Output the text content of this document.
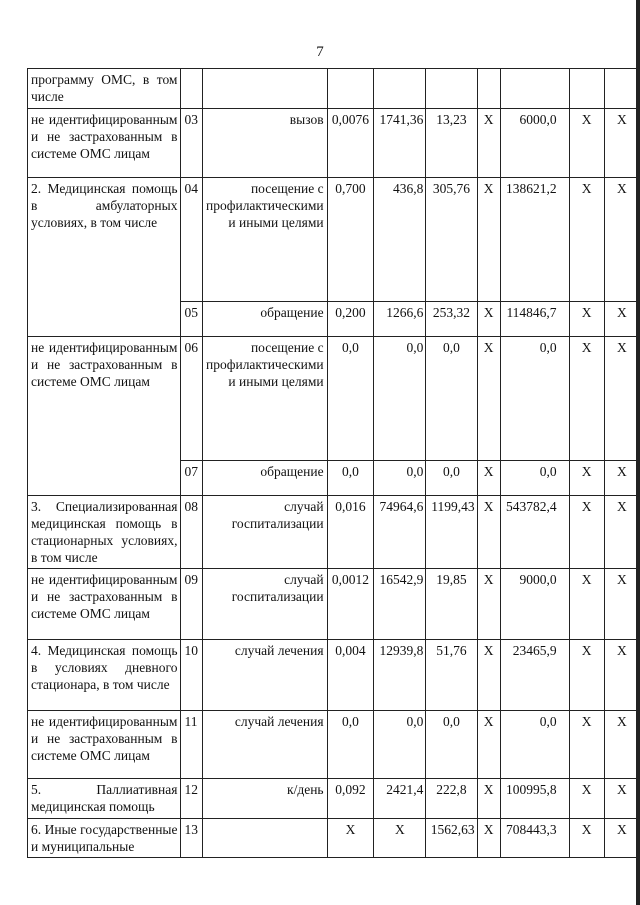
7
программу ОМС, в том числе									
не идентифицированным и не застрахованным в системе ОМС лицам	03	вызов	0,0076	1741,36	13,23	X	6000,0	X	X
2. Медицинская помощь в амбулаторных условиях, в том числе	04	посещение с профилактическими и иными целями	0,700	436,8	305,76	X	138621,2	X	X
	05	обращение	0,200	1266,6	253,32	X	114846,7	X	X
не идентифицированным и не застрахованным в системе ОМС лицам	06	посещение с профилактическими и иными целями	0,0	0,0	0,0	X	0,0	X	X
	07	обращение	0,0	0,0	0,0	X	0,0	X	X
3. Специализированная медицинская помощь в стационарных условиях, в том числе	08	случай госпитализации	0,016	74964,6	1199,43	X	543782,4	X	X
не идентифицированным и не застрахованным в системе ОМС лицам	09	случай госпитализации	0,0012	16542,9	19,85	X	9000,0	X	X
4. Медицинская помощь в условиях дневного стационара, в том числе	10	случай лечения	0,004	12939,8	51,76	X	23465,9	X	X
не идентифицированным и не застрахованным в системе ОМС лицам	11	случай лечения	0,0	0,0	0,0	X	0,0	X	X
5. Паллиативная медицинская помощь	12	к/день	0,092	2421,4	222,8	X	100995,8	X	X
6. Иные государственные и муниципальные	13		X	X	1562,63	X	708443,3	X	X
